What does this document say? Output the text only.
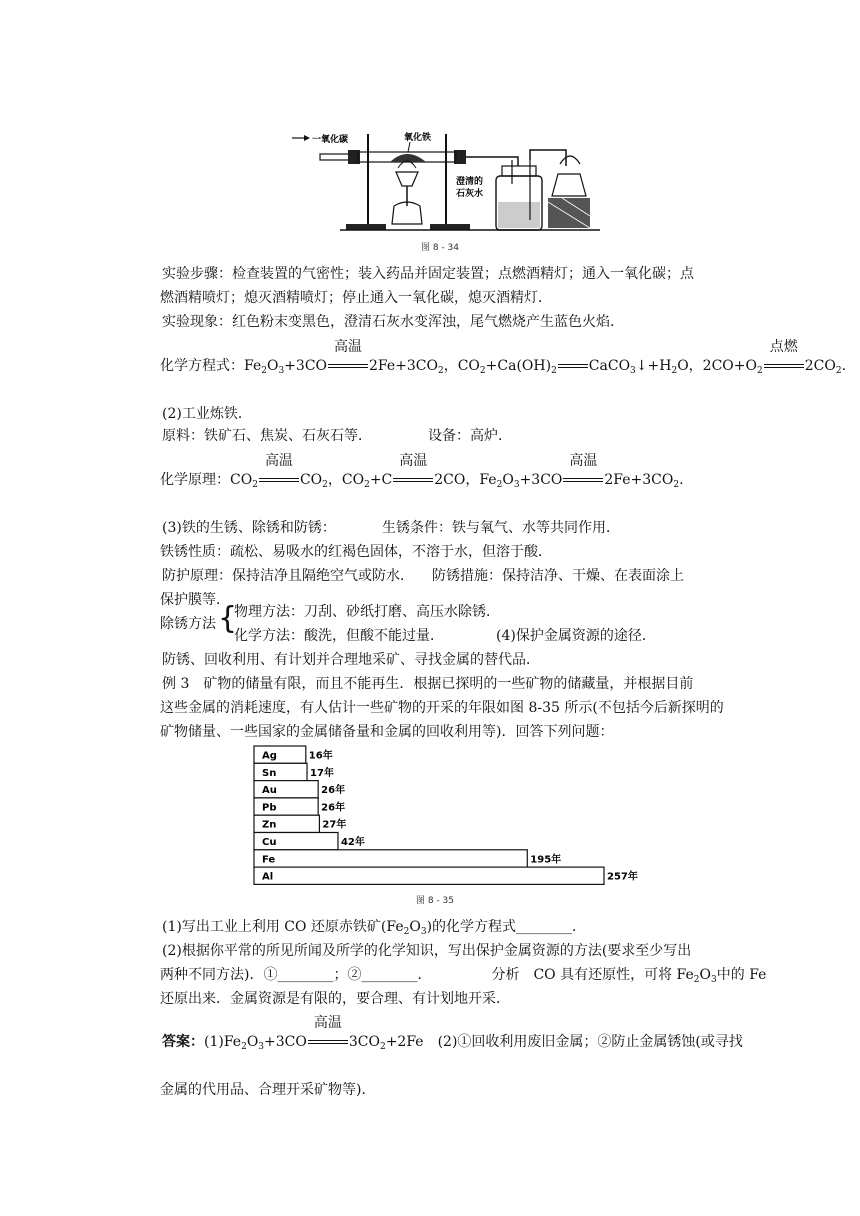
一氧化碳	氧化铁
澄清的
石灰水
图 8 - 34
实验步骤：检查装置的气密性；装入药品并固定装置；点燃酒精灯；通入一氧化碳；点
燃酒精喷灯；熄灭酒精喷灯；停止通入一氧化碳，熄灭酒精灯．
实验现象：红色粉末变黑色，澄清石灰水变浑浊，尾气燃烧产生蓝色火焰．
化学方程式：$Fe_2O_3+3CO$
高温
$2Fe+3CO_2$，$CO_2+Ca(OH)_2$ $CaCO_3↓+H_2O$，$2CO+O_2$
点燃
$2CO_2$.
(2)工业炼铁．
原料：铁矿石、焦炭、石灰石等．	设备：高炉．
化学原理：$CO_2$
高温
$CO_2$，$CO_2+C$
高温
2CO，$Fe_2O_3+3CO$
高温
$2Fe+3CO_2$.
(3)铁的生锈、除锈和防锈：	生锈条件：铁与氧气、水等共同作用．
铁锈性质：疏松、易吸水的红褐色固体，不溶于水，但溶于酸．
防护原理：保持洁净且隔绝空气或防水． 防锈措施：保持洁净、干燥、在表面涂上
保护膜等．
除锈方法 {
物理方法：刀刮、砂纸打磨、高压水除锈．
化学方法：酸洗，但酸不能过量．	(4)保护金属资源的途径．
防锈、回收利用、有计划并合理地采矿、寻找金属的替代品．
例 3　矿物的储量有限，而且不能再生．根据已探明的一些矿物的储藏量，并根据目前
这些金属的消耗速度，有人估计一些矿物的开采的年限如图 8-35 所示(不包括今后新探明的
矿物储量、一些国家的金属储备量和金属的回收利用等)．回答下列问题：
Ag	16年
Sn	17年
Au	26年
Pb	26年
Zn	27年
Cu	42年
Fe	195年
Al	257年
图 8 - 35
(1)写出工业上利用 CO 还原赤铁矿$(Fe_2O_3)$的化学方程式________．
(2)根据你平常的所见所闻及所学的化学知识，写出保护金属资源的方法(要求至少写出
两种不同方法)．①________；②________．	分析　CO 具有还原性，可将 $Fe_2O_3$中的 Fe
还原出来．金属资源是有限的，要合理、有计划地开采．
答案：$(1)Fe_2O_3+3CO$
高温
$3CO_2+2Fe$　(2)①回收利用废旧金属；②防止金属锈蚀(或寻找
金属的代用品、合理开采矿物等)．
